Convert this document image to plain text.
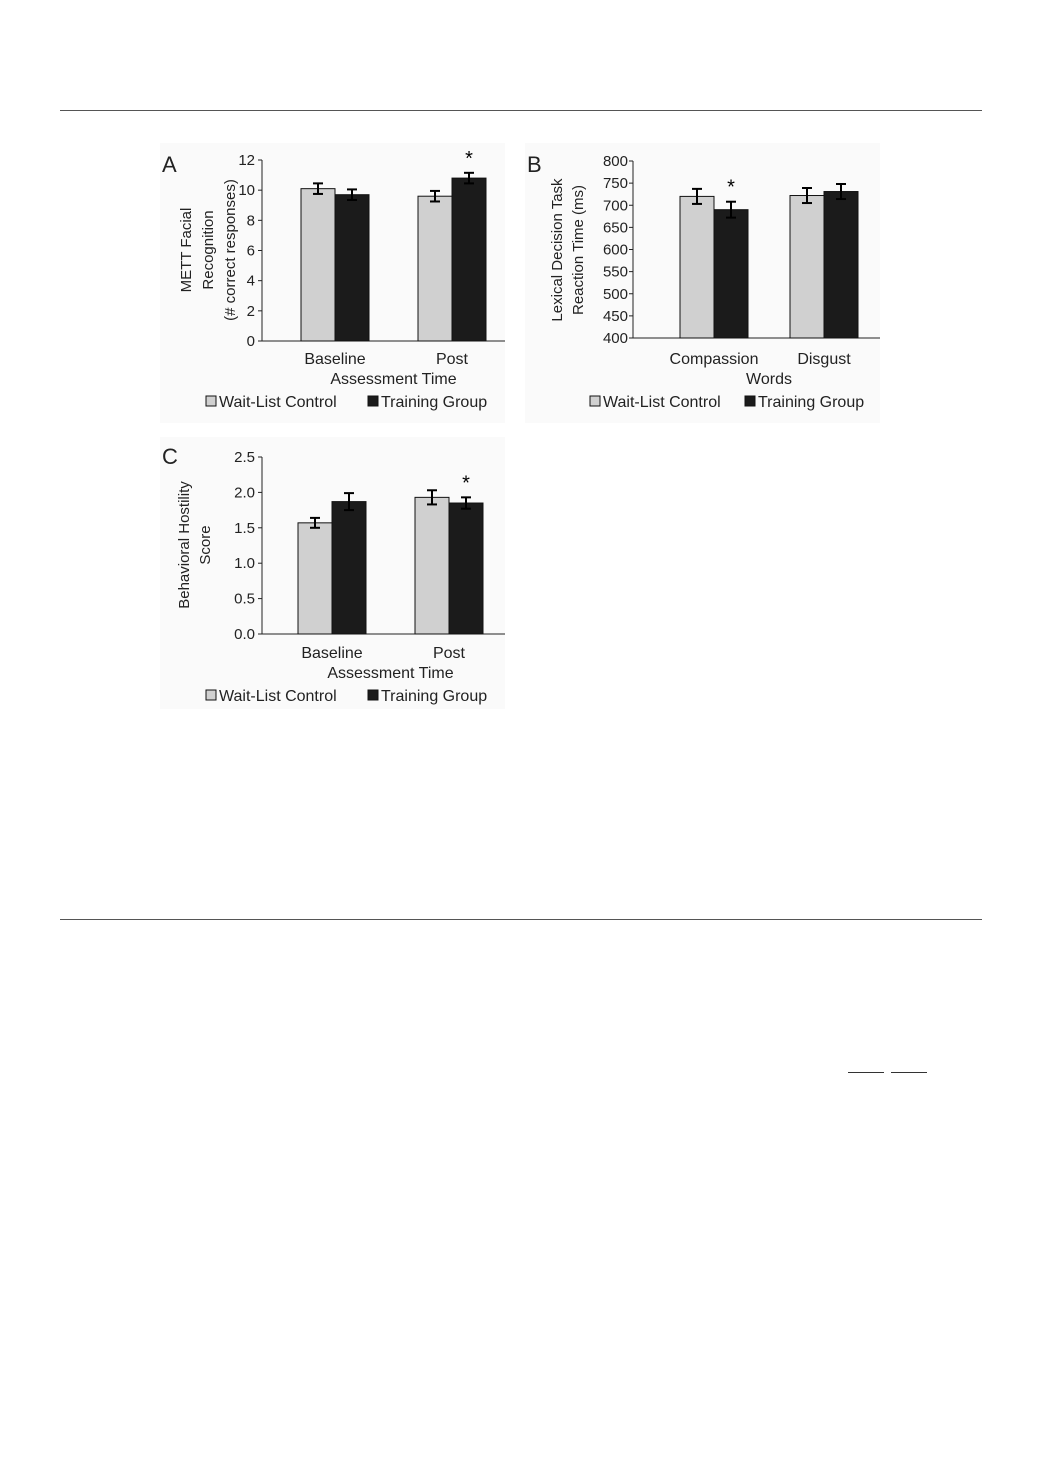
A
0
2
4
6
8
10
12
METT Facial Recognition (# correct responses)
Baseline	Post
*
Assessment Time
Wait-List Control	Training Group
B
400
450
500
550
600
650
700
750
800
Lexical Decision Task Reaction Time (ms)
Compassion Disgust
*
Words
Wait-List Control Training Group
C
0.0
0.5
1.0
1.5
2.0
2.5
Behavioral Hostility Score
Baseline	Post
*
Assessment Time
Wait-List Control	Training Group
